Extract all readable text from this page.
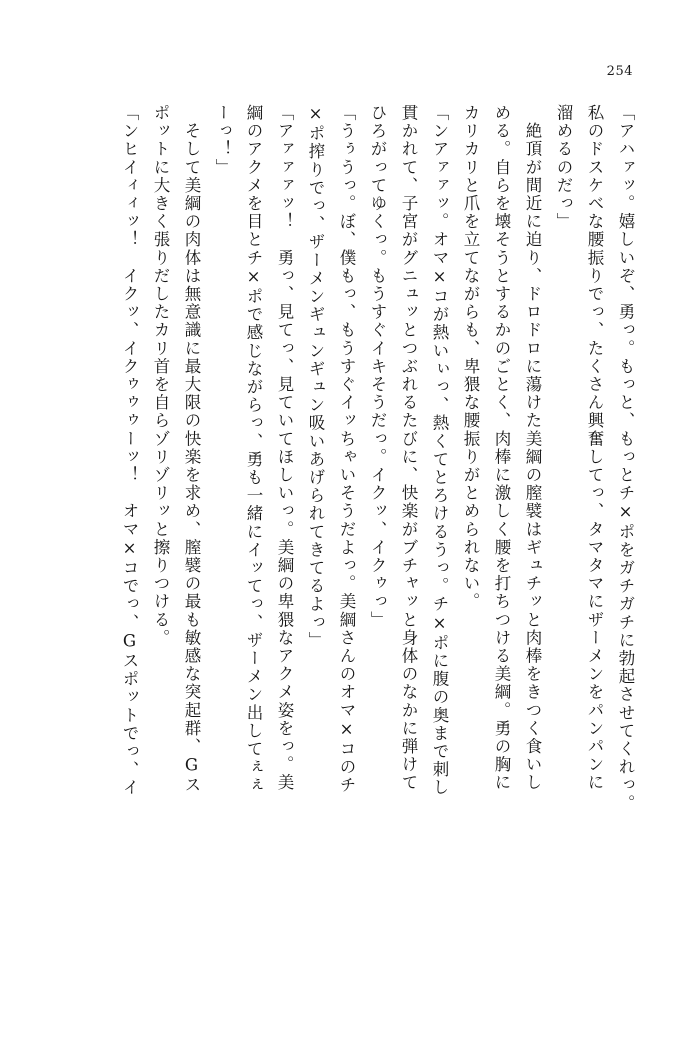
254
「アハァッ。嬉しいぞ、勇っ。もっと、もっとチ×ポをガチガチに勃起させてくれっ。
私のドスケベな腰振りでっ、たくさん興奮してっ、タマタマにザーメンをパンパンに
溜めるのだっ」
　絶頂が間近に迫り、ドロドロに蕩けた美綱の膣襞はギュチッと肉棒をきつく食いし
める。自らを壊そうとするかのごとく、肉棒に激しく腰を打ちつける美綱。勇の胸に
カリカリと爪を立てながらも、卑猥な腰振りがとめられない。
「ンアァァッ。オマ×コが熱いぃっ、熱くてとろけるうっ。チ×ポに腹の奥まで刺し
貫かれて、子宮がグニュッとつぶれるたびに、快楽がブチャッと身体のなかに弾けて
ひろがってゆくっ。もうすぐイキそうだっ。イクッ、イクゥっ」
「うぅうっ。ぼ、僕もっ、もうすぐイッちゃいそうだよっ。美綱さんのオマ×コのチ
×ポ搾りでっ、ザーメンギュンギュン吸いあげられてきてるよっ」
「アァァァッ！　勇っ、見てっ、見ていてほしいっ。美綱の卑猥なアクメ姿をっ。美
綱のアクメを目とチ×ポで感じながらっ、勇も一緒にイッてっ、ザーメン出してぇぇ
ーっ！」
　そして美綱の肉体は無意識に最大限の快楽を求め、膣襞の最も敏感な突起群、Gス
ポットに大きく張りだしたカリ首を自らゾリゾリッと擦りつける。
「ンヒイィィッ！　イクッ、イクゥゥゥーッ！　オマ×コでっ、Gスポットでっ、イ
